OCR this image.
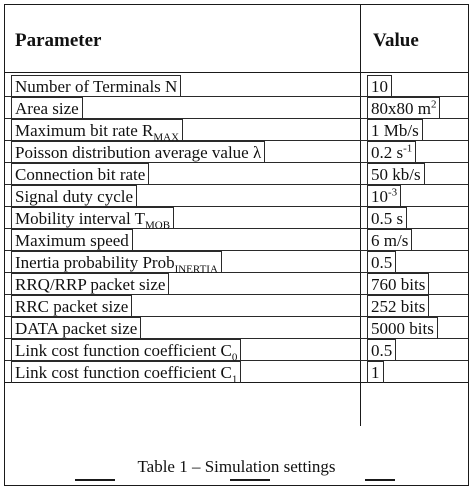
Parameter	Value
Number of Terminals N	10
Area size	80x80 $m^2$
Maximum bit rate $R_{MAX}$	1 Mb/s
Poisson distribution average value λ	0.2 $s^{-1}$
Connection bit rate	50 kb/s
Signal duty cycle	$10^{-3}$
Mobility interval $T_{MOB}$	0.5 s
Maximum speed	6 m/s
Inertia probability Prob$_{INERTIA}$	0.5
RRQ/RRP packet size	760 bits
RRC packet size	252 bits
DATA packet size	5000 bits
Link cost function coefficient $C_0$	0.5
Link cost function coefficient $C_1$	1
Table 1 – Simulation settings
